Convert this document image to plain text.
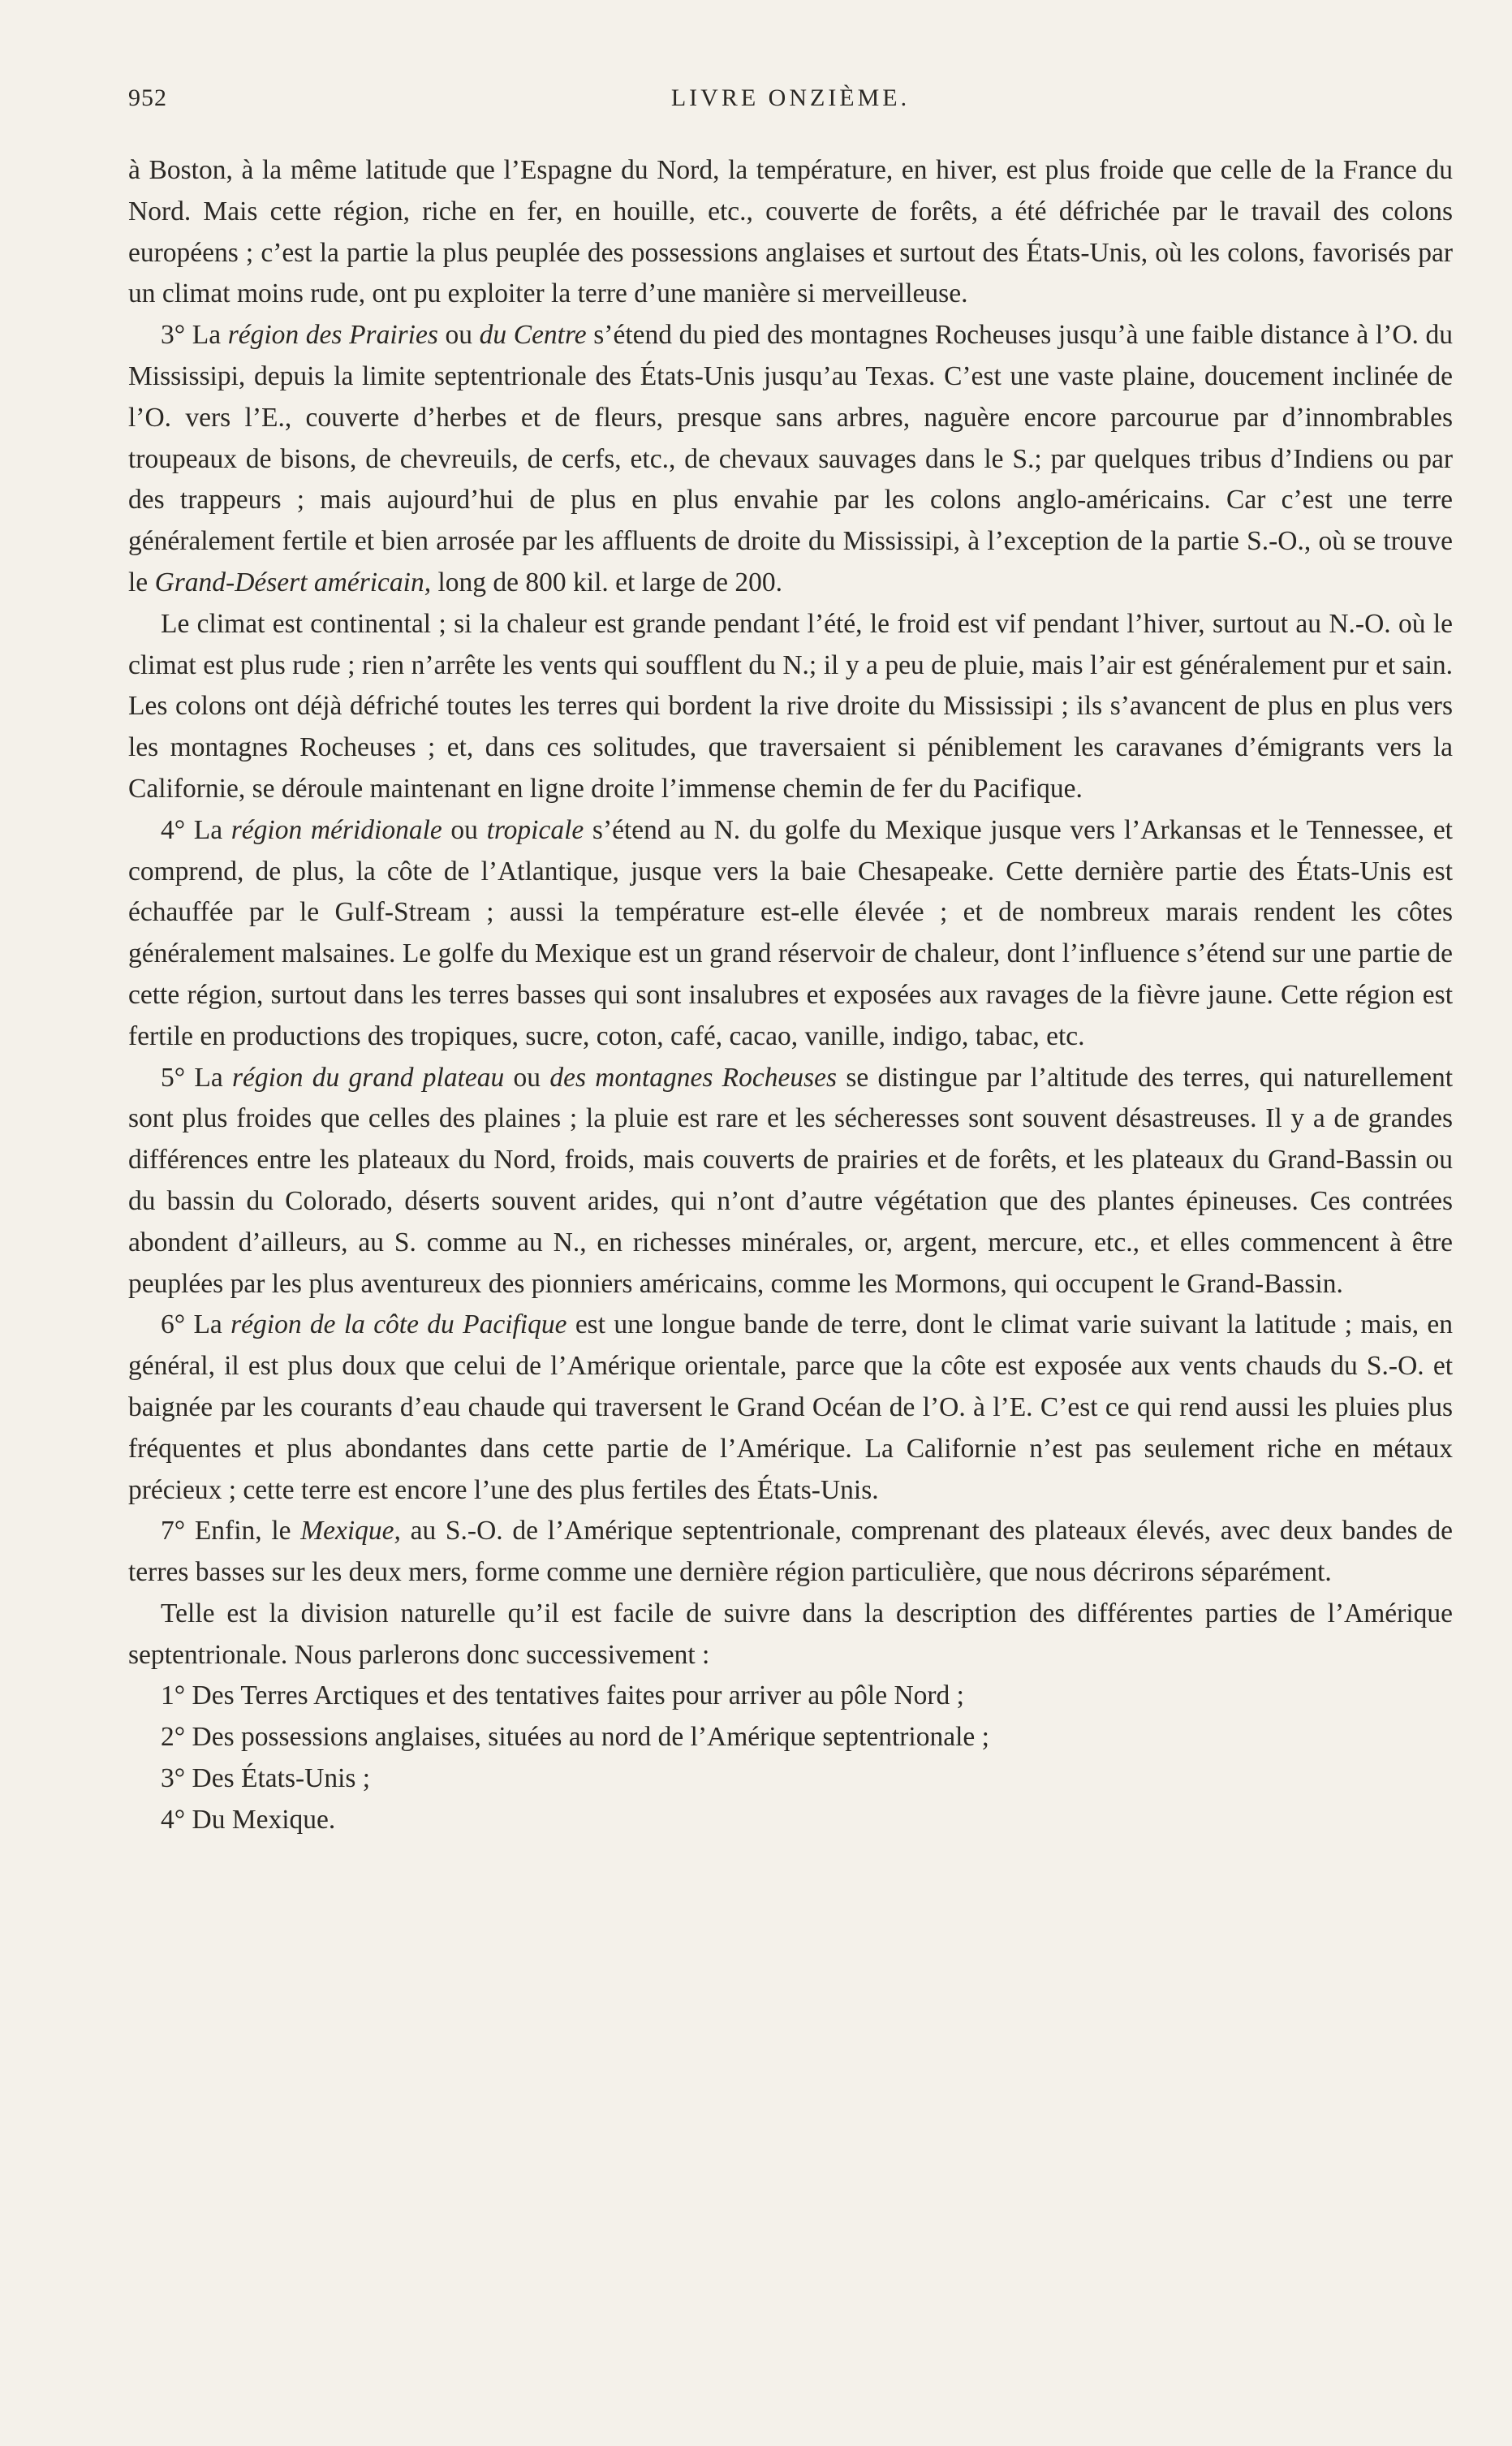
952	LIVRE ONZIÈME.

à Boston, à la même latitude que l’Espagne du Nord, la température, en hiver, est plus froide que celle de la France du Nord. Mais cette région, riche en fer, en houille, etc., couverte de forêts, a été défrichée par le travail des colons européens ; c’est la partie la plus peuplée des possessions anglaises et surtout des États-Unis, où les colons, favorisés par un climat moins rude, ont pu exploiter la terre d’une manière si merveilleuse.

3° La région des Prairies ou du Centre s’étend du pied des montagnes Rocheuses jusqu’à une faible distance à l’O. du Mississipi, depuis la limite septentrionale des États-Unis jusqu’au Texas. C’est une vaste plaine, doucement inclinée de l’O. vers l’E., couverte d’herbes et de fleurs, presque sans arbres, naguère encore parcourue par d’innombrables troupeaux de bisons, de chevreuils, de cerfs, etc., de chevaux sauvages dans le S.; par quelques tribus d’Indiens ou par des trappeurs ; mais aujourd’hui de plus en plus envahie par les colons anglo-américains. Car c’est une terre généralement fertile et bien arrosée par les affluents de droite du Mississipi, à l’exception de la partie S.-O., où se trouve le Grand-Désert américain, long de 800 kil. et large de 200.

Le climat est continental ; si la chaleur est grande pendant l’été, le froid est vif pendant l’hiver, surtout au N.-O. où le climat est plus rude ; rien n’arrête les vents qui soufflent du N.; il y a peu de pluie, mais l’air est généralement pur et sain. Les colons ont déjà défriché toutes les terres qui bordent la rive droite du Mississipi ; ils s’avancent de plus en plus vers les montagnes Rocheuses ; et, dans ces solitudes, que traversaient si péniblement les caravanes d’émigrants vers la Californie, se déroule maintenant en ligne droite l’immense chemin de fer du Pacifique.

4° La région méridionale ou tropicale s’étend au N. du golfe du Mexique jusque vers l’Arkansas et le Tennessee, et comprend, de plus, la côte de l’Atlantique, jusque vers la baie Chesapeake. Cette dernière partie des États-Unis est échauffée par le Gulf-Stream ; aussi la température est-elle élevée ; et de nombreux marais rendent les côtes généralement malsaines. Le golfe du Mexique est un grand réservoir de chaleur, dont l’influence s’étend sur une partie de cette région, surtout dans les terres basses qui sont insalubres et exposées aux ravages de la fièvre jaune. Cette région est fertile en productions des tropiques, sucre, coton, café, cacao, vanille, indigo, tabac, etc.

5° La région du grand plateau ou des montagnes Rocheuses se distingue par l’altitude des terres, qui naturellement sont plus froides que celles des plaines ; la pluie est rare et les sécheresses sont souvent désastreuses. Il y a de grandes différences entre les plateaux du Nord, froids, mais couverts de prairies et de forêts, et les plateaux du Grand-Bassin ou du bassin du Colorado, déserts souvent arides, qui n’ont d’autre végétation que des plantes épineuses. Ces contrées abondent d’ailleurs, au S. comme au N., en richesses minérales, or, argent, mercure, etc., et elles commencent à être peuplées par les plus aventureux des pionniers américains, comme les Mormons, qui occupent le Grand-Bassin.

6° La région de la côte du Pacifique est une longue bande de terre, dont le climat varie suivant la latitude ; mais, en général, il est plus doux que celui de l’Amérique orientale, parce que la côte est exposée aux vents chauds du S.-O. et baignée par les courants d’eau chaude qui traversent le Grand Océan de l’O. à l’E. C’est ce qui rend aussi les pluies plus fréquentes et plus abondantes dans cette partie de l’Amérique. La Californie n’est pas seulement riche en métaux précieux ; cette terre est encore l’une des plus fertiles des États-Unis.

7° Enfin, le Mexique, au S.-O. de l’Amérique septentrionale, comprenant des plateaux élevés, avec deux bandes de terres basses sur les deux mers, forme comme une dernière région particulière, que nous décrirons séparément.

Telle est la division naturelle qu’il est facile de suivre dans la description des différentes parties de l’Amérique septentrionale. Nous parlerons donc successivement :

1° Des Terres Arctiques et des tentatives faites pour arriver au pôle Nord ;
2° Des possessions anglaises, situées au nord de l’Amérique septentrionale ;
3° Des États-Unis ;
4° Du Mexique.
